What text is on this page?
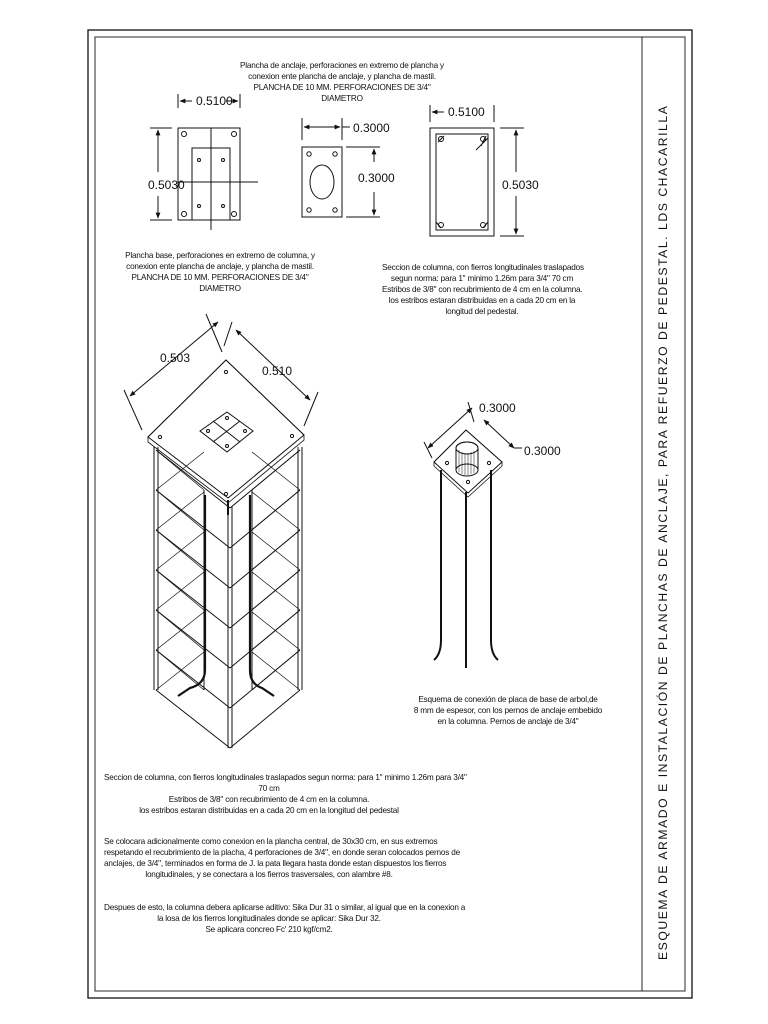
0.5100
0.5030
0.3000
0.3000
0.5100
0.5030
0.503
0.510
0.3000
0.3000
Plancha de anclaje, perforaciones en extremo de plancha y
conexion ente plancha de anclaje, y plancha de mastil.
PLANCHA DE 10 MM. PERFORACIONES DE 3/4"
DIAMETRO
Plancha base, perforaciones en extremo de columna, y
conexion ente plancha de anclaje, y plancha de mastil.
PLANCHA DE 10 MM. PERFORACIONES DE 3/4"
DIAMETRO
Seccion de columna, con fierros longitudinales traslapados
segun norma: para 1" minimo 1.26m para 3/4" 70 cm
Estribos de 3/8" con recubrimiento de 4 cm en la columna.
los estribos estaran distribuidas en a cada 20 cm en la
longitud del pedestal.
Esquema de conexión de placa de base de arbol,de
8 mm de espesor, con los pernos de anclaje embebido
en la columna. Pernos de anclaje de 3/4"
Seccion de columna, con fierros longitudinales traslapados segun norma: para 1" minimo 1.26m para 3/4"
70 cm
Estribos de 3/8" con recubrimiento de 4 cm en la columna.
los estribos estaran distribuidas en a cada 20 cm en la longitud del pedestal
Se colocara adicionalmente como conexion en la plancha central, de 30x30 cm, en sus extremos
respetando el recubrimiento de la placha, 4 perforaciones de 3/4", en donde seran colocados pernos de
anclajes, de 3/4", terminados en forma de J. la pata llegara hasta donde estan dispuestos los fierros
longitudinales, y se conectara a los fierros trasversales, con alambre #8.
Despues de esto, la columna debera aplicarse aditivo: Sika Dur 31 o similar, al igual que en la conexion a
la losa de los fierros longitudinales donde se aplicar: Sika Dur 32.
Se aplicara concreo Fc' 210 kgf/cm2.	ESQUEMA DE ARMADO E INSTALACIÓN DE PLANCHAS DE ANCLAJE, PARA REFUERZO DE PEDESTAL. LDS CHACARILLA
